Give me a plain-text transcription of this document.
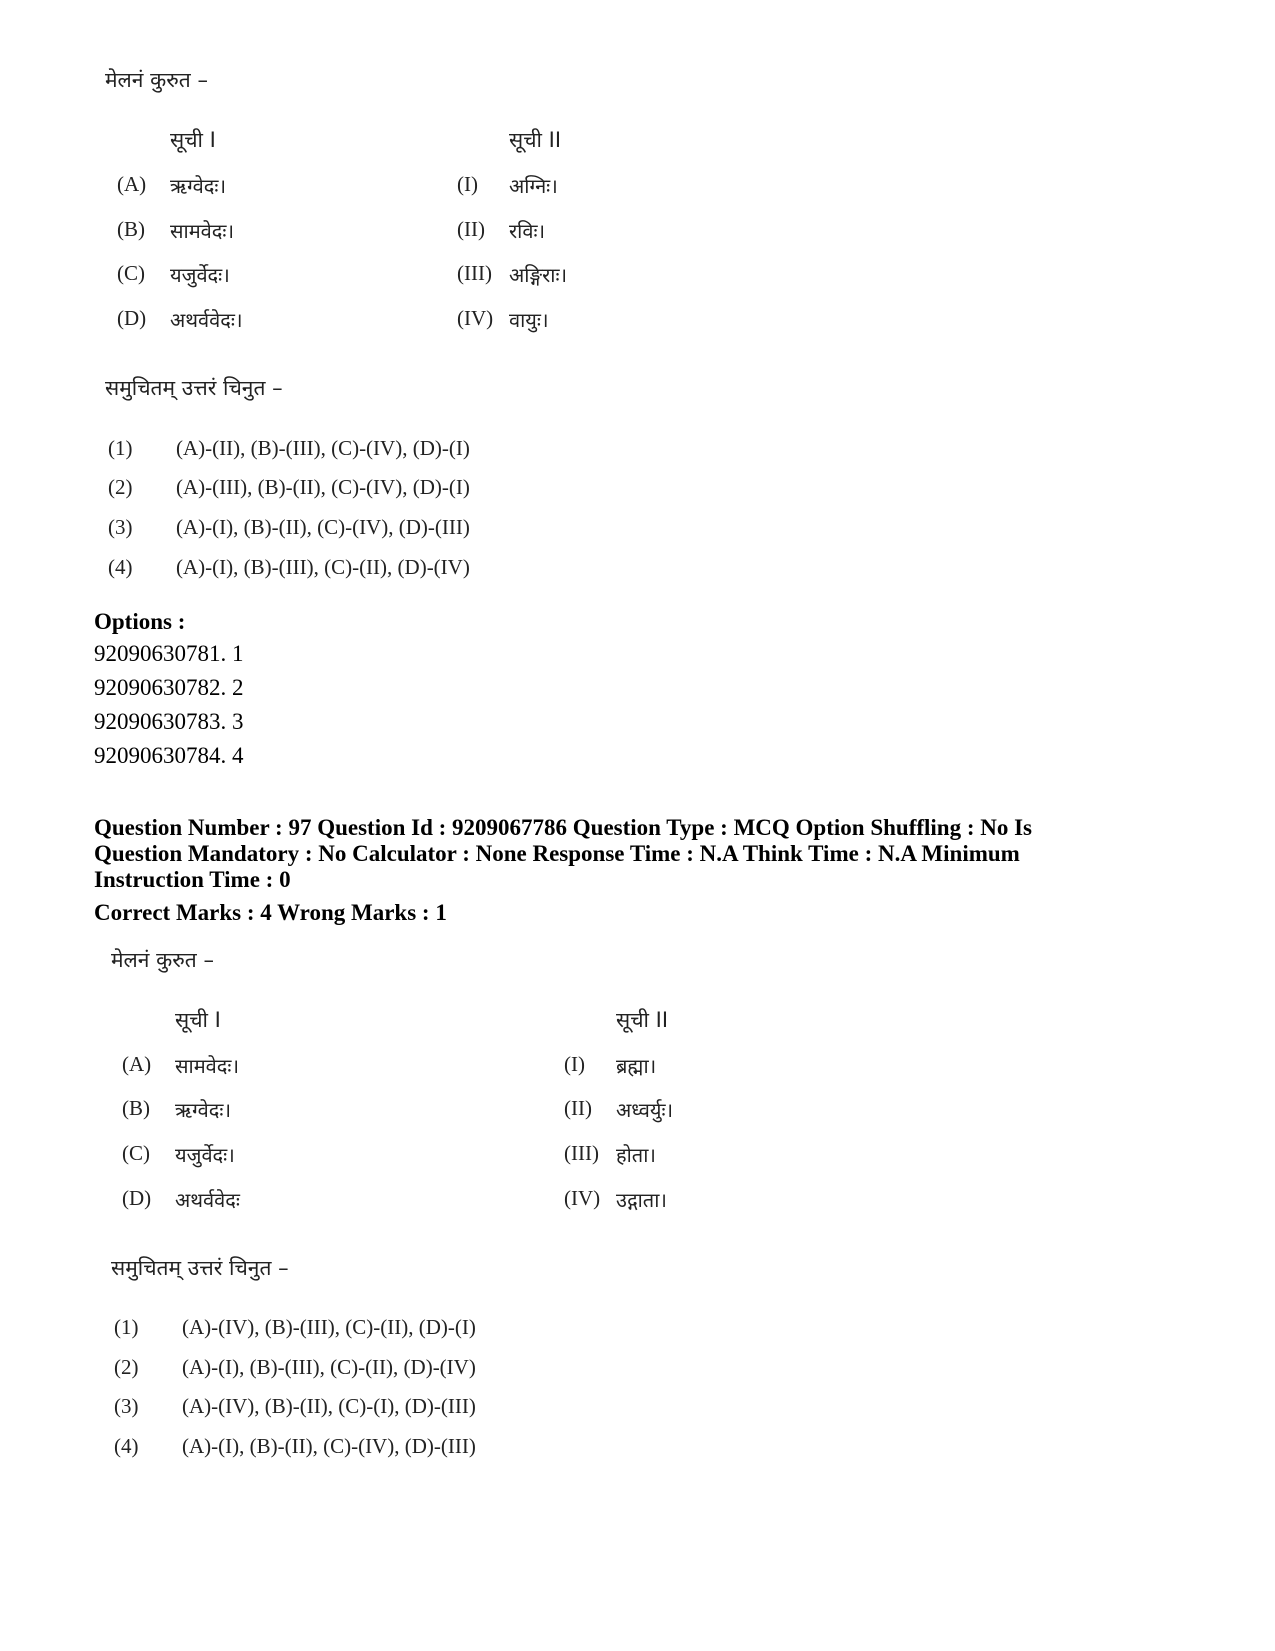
मेलनं कुरुत –
सूची I	सूची II
(A) ऋग्वेदः।	(I) अग्निः।
(B) सामवेदः।	(II) रविः।
(C) यजुर्वेदः।	(III) अङ्गिराः।
(D) अथर्ववेदः।	(IV) वायुः।
समुचितम् उत्तरं चिनुत –
(1) (A)-(II), (B)-(III), (C)-(IV), (D)-(I)
(2) (A)-(III), (B)-(II), (C)-(IV), (D)-(I)
(3) (A)-(I), (B)-(II), (C)-(IV), (D)-(III)
(4) (A)-(I), (B)-(III), (C)-(II), (D)-(IV)
Options :
92090630781. 1
92090630782. 2
92090630783. 3
92090630784. 4
Question Number : 97 Question Id : 9209067786 Question Type : MCQ Option Shuffling : No Is
Question Mandatory : No Calculator : None Response Time : N.A Think Time : N.A Minimum
Instruction Time : 0
Correct Marks : 4 Wrong Marks : 1
मेलनं कुरुत –
सूची I	सूची II
(A) सामवेदः।	(I) ब्रह्मा।
(B) ऋग्वेदः।	(II) अध्वर्युः।
(C) यजुर्वेदः।	(III) होता।
(D) अथर्ववेदः	(IV) उद्गाता।
समुचितम् उत्तरं चिनुत –
(1) (A)-(IV), (B)-(III), (C)-(II), (D)-(I)
(2) (A)-(I), (B)-(III), (C)-(II), (D)-(IV)
(3) (A)-(IV), (B)-(II), (C)-(I), (D)-(III)
(4) (A)-(I), (B)-(II), (C)-(IV), (D)-(III)
